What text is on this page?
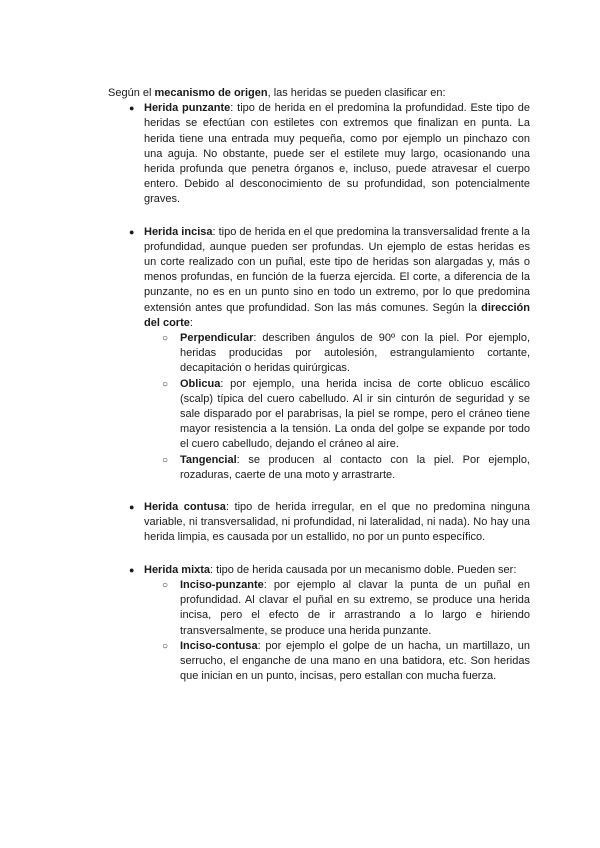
Según el mecanismo de origen, las heridas se pueden clasificar en:

● Herida punzante: tipo de herida en el predomina la profundidad. Este tipo de heridas se efectúan con estiletes con extremos que finalizan en punta. La herida tiene una entrada muy pequeña, como por ejemplo un pinchazo con una aguja. No obstante, puede ser el estilete muy largo, ocasionando una herida profunda que penetra órganos e, incluso, puede atravesar el cuerpo entero. Debido al desconocimiento de su profundidad, son potencialmente graves.
● Herida incisa: tipo de herida en el que predomina la transversalidad frente a la profundidad, aunque pueden ser profundas. Un ejemplo de estas heridas es un corte realizado con un puñal, este tipo de heridas son alargadas y, más o menos profundas, en función de la fuerza ejercida. El corte, a diferencia de la punzante, no es en un punto sino en todo un extremo, por lo que predomina extensión antes que profundidad. Son las más comunes. Según la dirección del corte:
○ Perpendicular: describen ángulos de 90º con la piel. Por ejemplo, heridas producidas por autolesión, estrangulamiento cortante, decapitación o heridas quirúrgicas.
○ Oblicua: por ejemplo, una herida incisa de corte oblicuo escálico (scalp) típica del cuero cabelludo. Al ir sin cinturón de seguridad y se sale disparado por el parabrisas, la piel se rompe, pero el cráneo tiene mayor resistencia a la tensión. La onda del golpe se expande por todo el cuero cabelludo, dejando el cráneo al aire.
○ Tangencial: se producen al contacto con la piel. Por ejemplo, rozaduras, caerte de una moto y arrastrarte.
● Herida contusa: tipo de herida irregular, en el que no predomina ninguna variable, ni transversalidad, ni profundidad, ni lateralidad, ni nada). No hay una herida limpia, es causada por un estallido, no por un punto específico.
● Herida mixta: tipo de herida causada por un mecanismo doble. Pueden ser:
○ Inciso-punzante: por ejemplo al clavar la punta de un puñal en profundidad. Al clavar el puñal en su extremo, se produce una herida incisa, pero el efecto de ir arrastrando a lo largo e hiriendo transversalmente, se produce una herida punzante.
○ Inciso-contusa: por ejemplo el golpe de un hacha, un martillazo, un serrucho, el enganche de una mano en una batidora, etc. Son heridas que inician en un punto, incisas, pero estallan con mucha fuerza.
